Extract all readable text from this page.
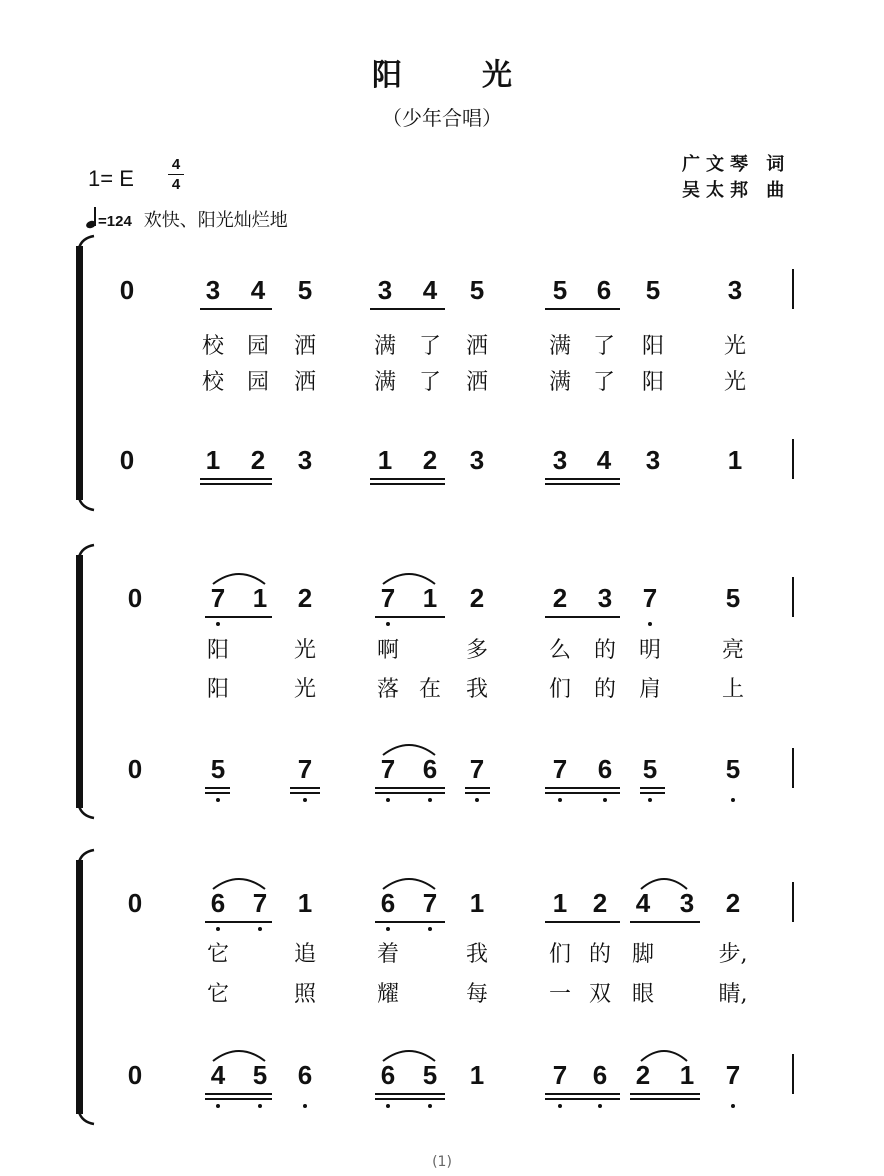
阳	光
（少年合唱）
1= E
4
4
广文琴 词
吴太邦 曲
=124 欢快、阳光灿烂地
0	3 4 5	3 4 5	5 6 5	3
0	1 2 3	1 2 3	3 4 3	1
校 园 洒	满 了 洒	满 了 阳	光
校 园 洒	满 了 洒	满 了 阳	光
0	7 1 2	7 1 2	2 3 7	5
0	5	7	7 6 7	7 6 5	5
阳	光	啊	多	么 的 明	亮
阳	光	落 在 我	们 的 肩	上
0	6 7 1	6 7 1	1 2 4 3 2
0	4 5 6	6 5 1	7 6 2 1 7
它	追	着	我	们 的 脚	步,
它	照	耀	每	一 双 眼	睛,
(1)
